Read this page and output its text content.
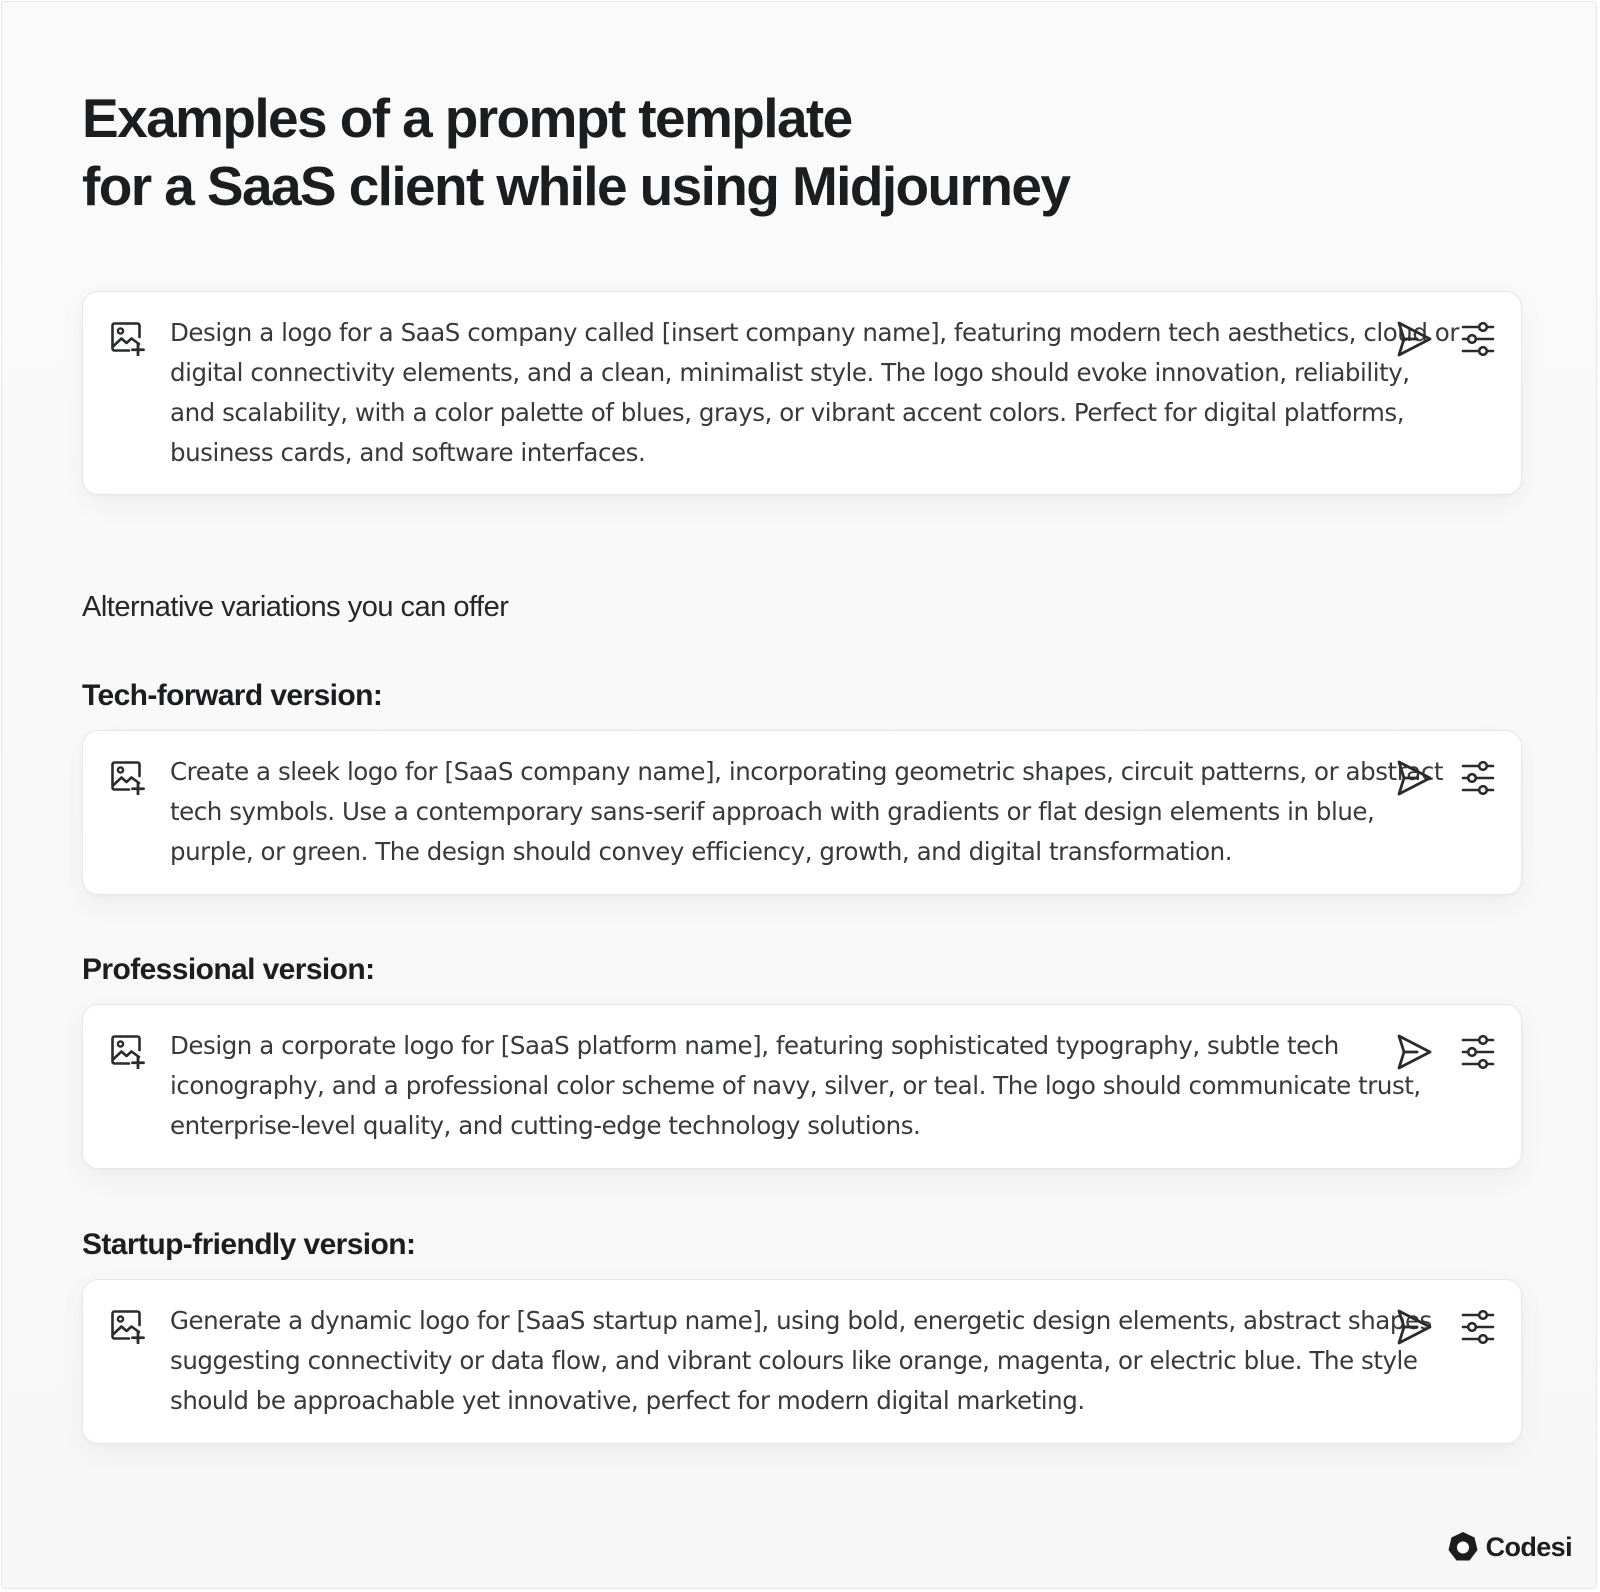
Examples of a prompt template
for a SaaS client while using Midjourney
Design a logo for a SaaS company called [insert company name], featuring modern tech aesthetics, cloud or digital connectivity elements, and a clean, minimalist style. The logo should evoke innovation, reliability, and scalability, with a color palette of blues, grays, or vibrant accent colors. Perfect for digital platforms, business cards, and software interfaces.
Alternative variations you can offer
Tech-forward version:
Create a sleek logo for [SaaS company name], incorporating geometric shapes, circuit patterns, or abstract tech symbols. Use a contemporary sans-serif approach with gradients or flat design elements in blue, purple, or green. The design should convey efficiency, growth, and digital transformation.
Professional version:
Design a corporate logo for [SaaS platform name], featuring sophisticated typography, subtle tech iconography, and a professional color scheme of navy, silver, or teal. The logo should communicate trust, enterprise-level quality, and cutting-edge technology solutions.
Startup-friendly version:
Generate a dynamic logo for [SaaS startup name], using bold, energetic design elements, abstract shapes suggesting connectivity or data flow, and vibrant colours like orange, magenta, or electric blue. The style should be approachable yet innovative, perfect for modern digital marketing.
Codesi
